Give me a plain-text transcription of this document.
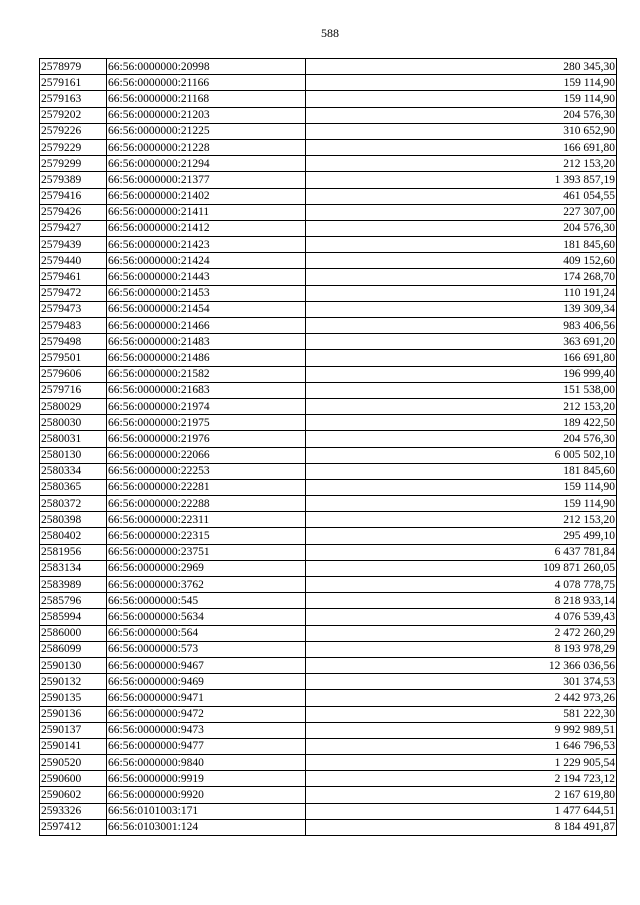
588
2578979	66:56:0000000:20998	280 345,30
2579161	66:56:0000000:21166	159 114,90
2579163	66:56:0000000:21168	159 114,90
2579202	66:56:0000000:21203	204 576,30
2579226	66:56:0000000:21225	310 652,90
2579229	66:56:0000000:21228	166 691,80
2579299	66:56:0000000:21294	212 153,20
2579389	66:56:0000000:21377	1 393 857,19
2579416	66:56:0000000:21402	461 054,55
2579426	66:56:0000000:21411	227 307,00
2579427	66:56:0000000:21412	204 576,30
2579439	66:56:0000000:21423	181 845,60
2579440	66:56:0000000:21424	409 152,60
2579461	66:56:0000000:21443	174 268,70
2579472	66:56:0000000:21453	110 191,24
2579473	66:56:0000000:21454	139 309,34
2579483	66:56:0000000:21466	983 406,56
2579498	66:56:0000000:21483	363 691,20
2579501	66:56:0000000:21486	166 691,80
2579606	66:56:0000000:21582	196 999,40
2579716	66:56:0000000:21683	151 538,00
2580029	66:56:0000000:21974	212 153,20
2580030	66:56:0000000:21975	189 422,50
2580031	66:56:0000000:21976	204 576,30
2580130	66:56:0000000:22066	6 005 502,10
2580334	66:56:0000000:22253	181 845,60
2580365	66:56:0000000:22281	159 114,90
2580372	66:56:0000000:22288	159 114,90
2580398	66:56:0000000:22311	212 153,20
2580402	66:56:0000000:22315	295 499,10
2581956	66:56:0000000:23751	6 437 781,84
2583134	66:56:0000000:2969	109 871 260,05
2583989	66:56:0000000:3762	4 078 778,75
2585796	66:56:0000000:545	8 218 933,14
2585994	66:56:0000000:5634	4 076 539,43
2586000	66:56:0000000:564	2 472 260,29
2586099	66:56:0000000:573	8 193 978,29
2590130	66:56:0000000:9467	12 366 036,56
2590132	66:56:0000000:9469	301 374,53
2590135	66:56:0000000:9471	2 442 973,26
2590136	66:56:0000000:9472	581 222,30
2590137	66:56:0000000:9473	9 992 989,51
2590141	66:56:0000000:9477	1 646 796,53
2590520	66:56:0000000:9840	1 229 905,54
2590600	66:56:0000000:9919	2 194 723,12
2590602	66:56:0000000:9920	2 167 619,80
2593326	66:56:0101003:171	1 477 644,51
2597412	66:56:0103001:124	8 184 491,87
